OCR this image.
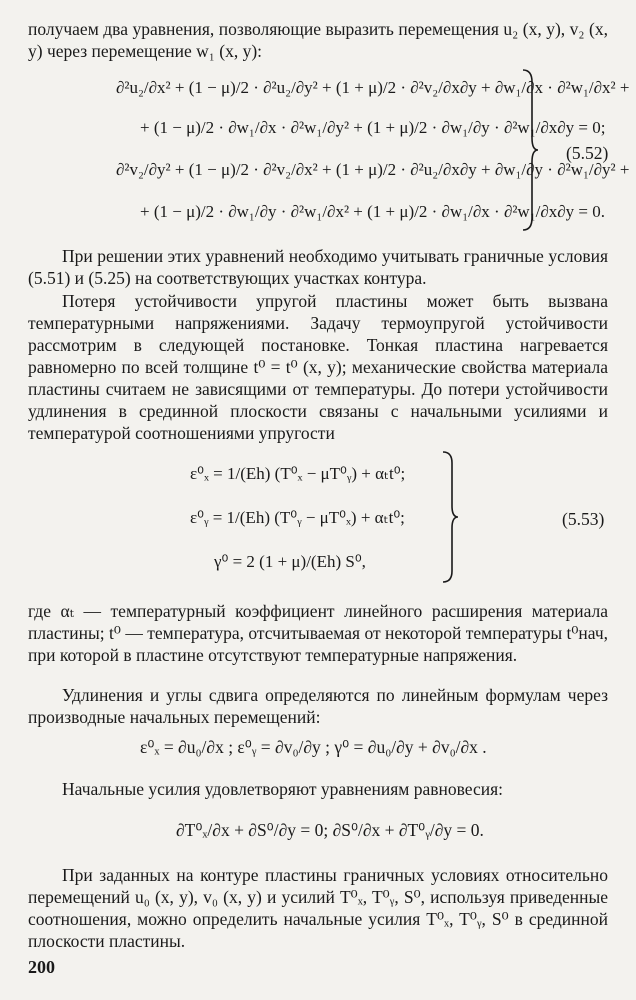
получаем два уравнения, позволяющие выразить перемещения u₂ (x, y), v₂ (x, y) через перемещение w₁ (x, y):

∂²u₂/∂x² + (1 − μ)/2 · ∂²u₂/∂y² + (1 + μ)/2 · ∂²v₂/∂x∂y + ∂w₁/∂x · ∂²w₁/∂x² +
+ (1 − μ)/2 · ∂w₁/∂x · ∂²w₁/∂y² + (1 + μ)/2 · ∂w₁/∂y · ∂²w₁/∂x∂y = 0;
∂²v₂/∂y² + (1 − μ)/2 · ∂²v₂/∂x² + (1 + μ)/2 · ∂²u₂/∂x∂y + ∂w₁/∂y · ∂²w₁/∂y² +
+ (1 − μ)/2 · ∂w₁/∂y · ∂²w₁/∂x² + (1 + μ)/2 · ∂w₁/∂x · ∂²w₁/∂x∂y = 0.
(5.52)

При решении этих уравнений необходимо учитывать граничные условия (5.51) и (5.25) на соответствующих участках контура.

Потеря устойчивости упругой пластины может быть вызвана температурными напряжениями. Задачу термоупругой устойчивости рассмотрим в следующей постановке. Тонкая пластина нагревается равномерно по всей толщине t⁰ = t⁰ (x, y); механические свойства материала пластины считаем не зависящими от температуры. До потери устойчивости удлинения в срединной плоскости связаны с начальными усилиями и температурой соотношениями упругости

ε⁰ₓ = 1/(Eh) (T⁰ₓ − μT⁰ᵧ) + αₜt⁰;
ε⁰ᵧ = 1/(Eh) (T⁰ᵧ − μT⁰ₓ) + αₜt⁰;
γ⁰ = 2 (1 + μ)/(Eh) S⁰,
(5.53)

где αₜ — температурный коэффициент линейного расширения материала пластины; t⁰ — температура, отсчитываемая от некоторой температуры t⁰нач, при которой в пластине отсутствуют температурные напряжения.

Удлинения и углы сдвига определяются по линейным формулам через производные начальных перемещений:

ε⁰ₓ = ∂u₀/∂x ; ε⁰ᵧ = ∂v₀/∂y ; γ⁰ = ∂u₀/∂y + ∂v₀/∂x .

Начальные усилия удовлетворяют уравнениям равновесия:

∂T⁰ₓ/∂x + ∂S⁰/∂y = 0; ∂S⁰/∂x + ∂T⁰ᵧ/∂y = 0.

При заданных на контуре пластины граничных условиях относительно перемещений u₀ (x, y), v₀ (x, y) и усилий T⁰ₓ, T⁰ᵧ, S⁰, используя приведенные соотношения, можно определить начальные усилия T⁰ₓ, T⁰ᵧ, S⁰ в срединной плоскости пластины.

200
